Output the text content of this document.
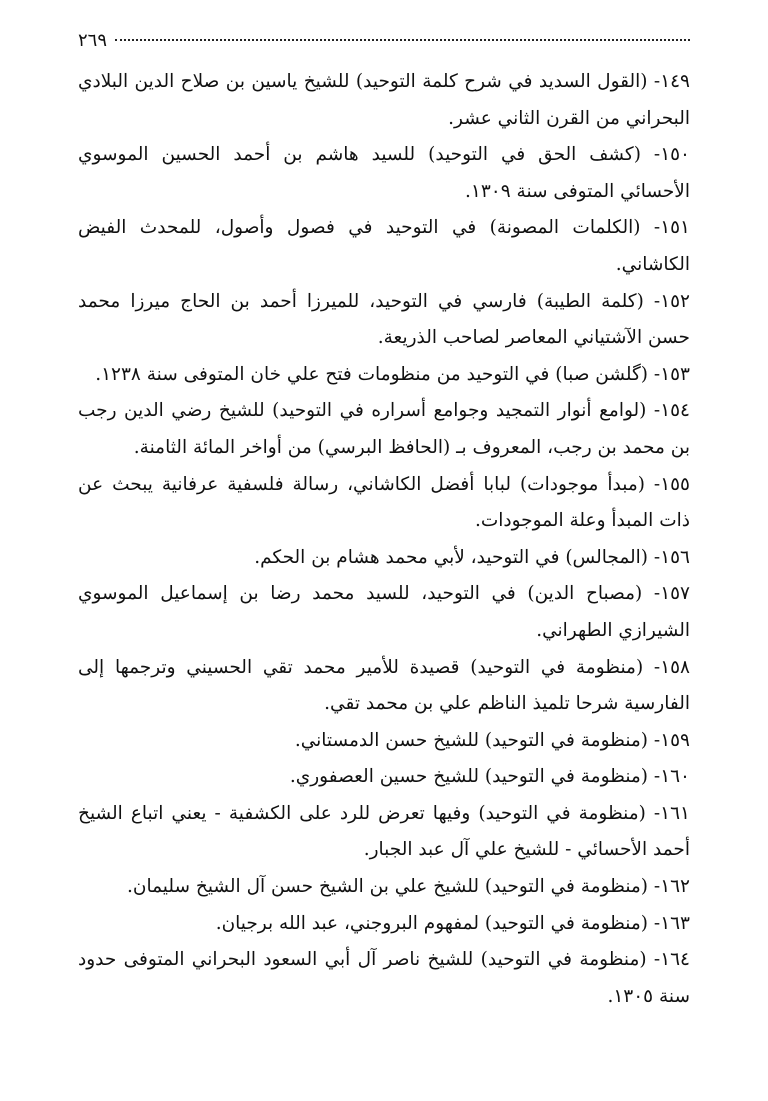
٢٦٩

١٤٩- (القول السديد في شرح كلمة التوحيد) للشيخ ياسين بن صلاح الدين البلادي البحراني من القرن الثاني عشر.

١٥٠- (كشف الحق في التوحيد) للسيد هاشم بن أحمد الحسين الموسوي الأحسائي المتوفى سنة ١٣٠٩.

١٥١- (الكلمات المصونة) في التوحيد في فصول وأصول، للمحدث الفيض الكاشاني.

١٥٢- (كلمة الطيبة) فارسي في التوحيد، للميرزا أحمد بن الحاج ميرزا محمد حسن الآشتياني المعاصر لصاحب الذريعة.

١٥٣- (گلشن صبا) في التوحيد من منظومات فتح علي خان المتوفى سنة ١٢٣٨.

١٥٤- (لوامع أنوار التمجيد وجوامع أسراره في التوحيد) للشيخ رضي الدين رجب بن محمد بن رجب، المعروف بـ (الحافظ البرسي) من أواخر المائة الثامنة.

١٥٥- (مبدأ موجودات) لبابا أفضل الكاشاني، رسالة فلسفية عرفانية يبحث عن ذات المبدأ وعلة الموجودات.

١٥٦- (المجالس) في التوحيد، لأبي محمد هشام بن الحكم.

١٥٧- (مصباح الدين) في التوحيد، للسيد محمد رضا بن إسماعيل الموسوي الشيرازي الطهراني.

١٥٨- (منظومة في التوحيد) قصيدة للأمير محمد تقي الحسيني وترجمها إلى الفارسية شرحا تلميذ الناظم علي بن محمد تقي.

١٥٩- (منظومة في التوحيد) للشيخ حسن الدمستاني.

١٦٠- (منظومة في التوحيد) للشيخ حسين العصفوري.

١٦١- (منظومة في التوحيد) وفيها تعرض للرد على الكشفية - يعني اتباع الشيخ أحمد الأحسائي - للشيخ علي آل عبد الجبار.

١٦٢- (منظومة في التوحيد) للشيخ علي بن الشيخ حسن آل الشيخ سليمان.

١٦٣- (منظومة في التوحيد) لمفهوم البروجني، عبد الله برجيان.

١٦٤- (منظومة في التوحيد) للشيخ ناصر آل أبي السعود البحراني المتوفى حدود سنة ١٣٠٥.
